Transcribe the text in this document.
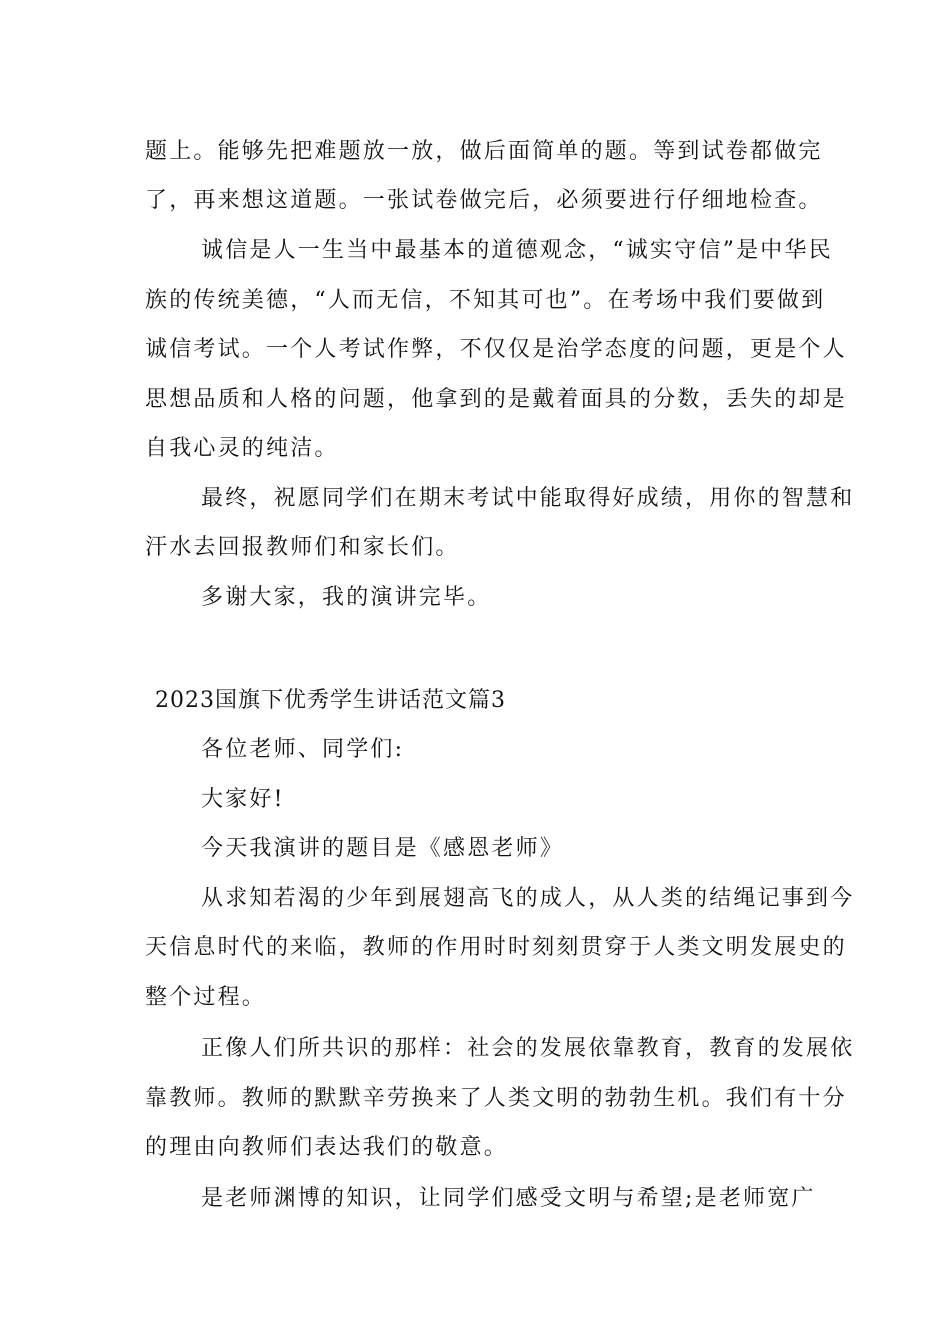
题上。能够先把难题放一放，做后面简单的题。等到试卷都做完
了，再来想这道题。一张试卷做完后，必须要进行仔细地检查。
诚信是人一生当中最基本的道德观念，“诚实守信”是中华民
族的传统美德，“人而无信，不知其可也”。在考场中我们要做到
诚信考试。一个人考试作弊，不仅仅是治学态度的问题，更是个人
思想品质和人格的问题，他拿到的是戴着面具的分数，丢失的却是
自我心灵的纯洁。
最终，祝愿同学们在期末考试中能取得好成绩，用你的智慧和
汗水去回报教师们和家长们。
多谢大家，我的演讲完毕。
2023国旗下优秀学生讲话范文篇3
各位老师、同学们:
大家好!
今天我演讲的题目是《感恩老师》
从求知若渴的少年到展翅高飞的成人，从人类的结绳记事到今
天信息时代的来临，教师的作用时时刻刻贯穿于人类文明发展史的
整个过程。
正像人们所共识的那样：社会的发展依靠教育，教育的发展依
靠教师。教师的默默辛劳换来了人类文明的勃勃生机。我们有十分
的理由向教师们表达我们的敬意。
是老师渊博的知识，让同学们感受文明与希望;是老师宽广
